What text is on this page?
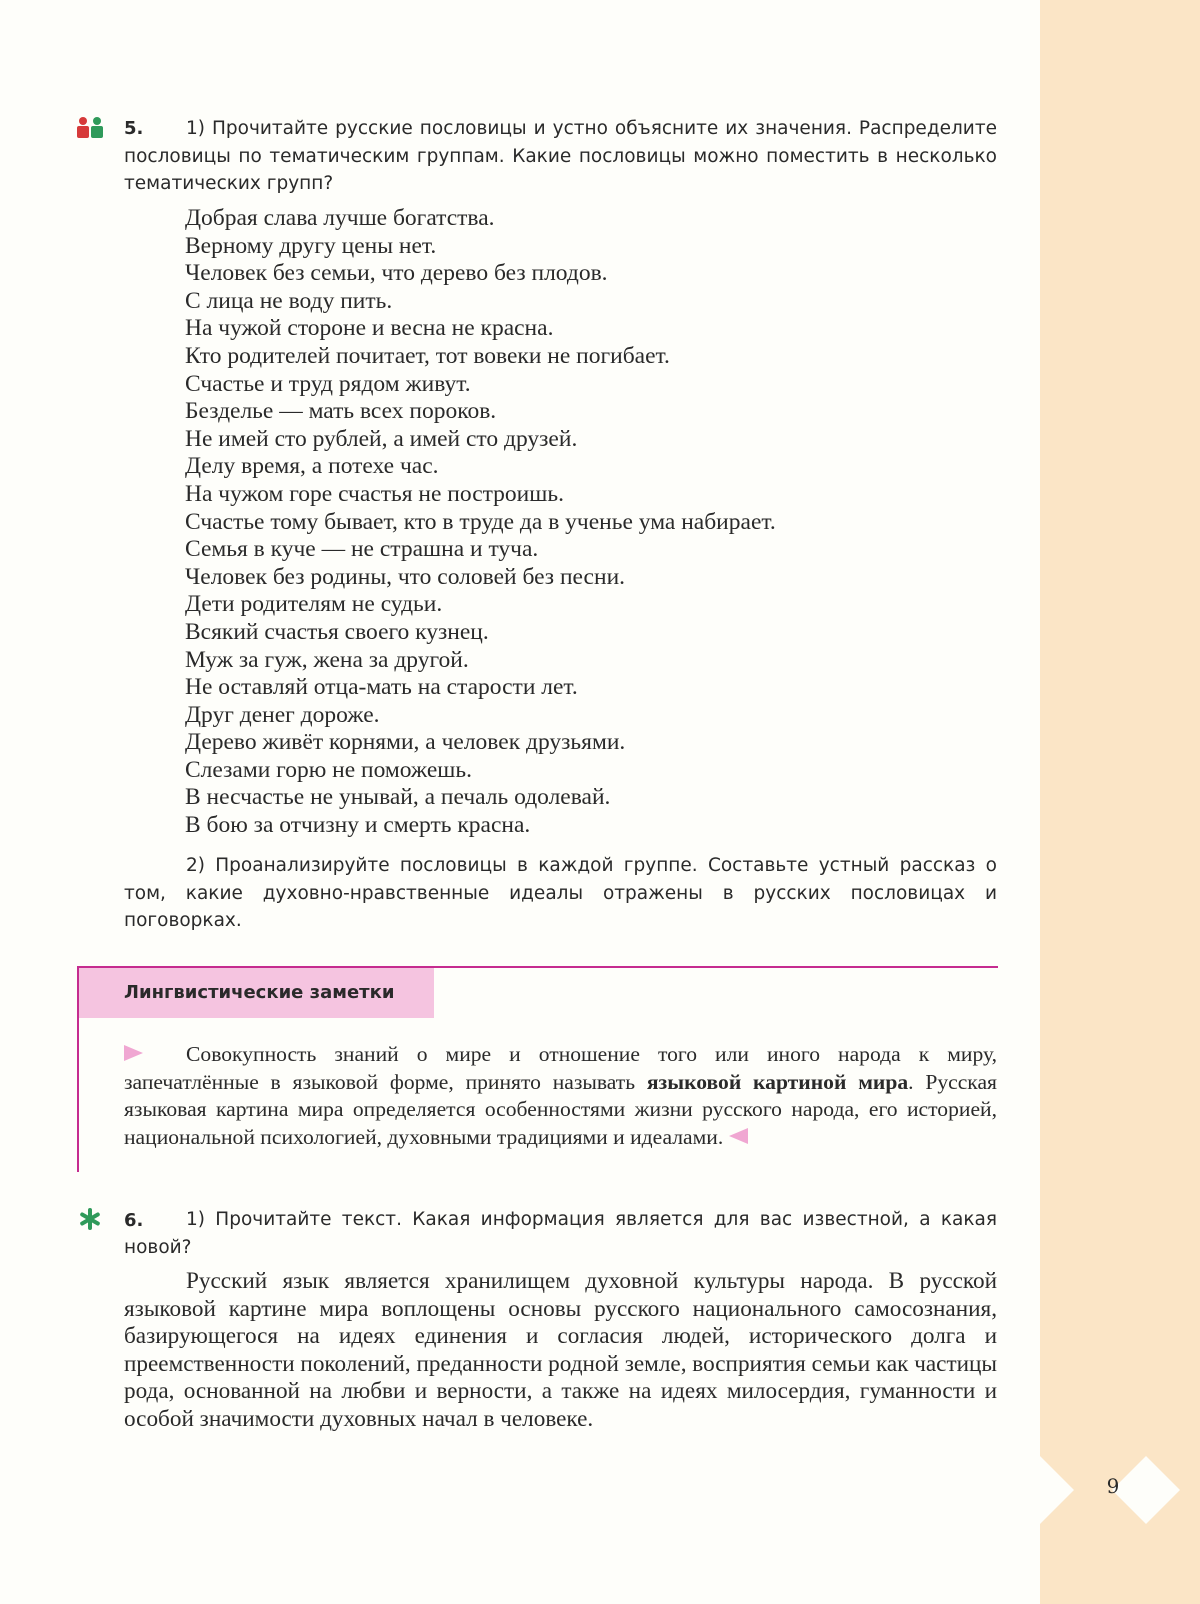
9
5.	1) Прочитайте русские пословицы и устно объясните их значения. Распределите пословицы по тематическим группам. Какие пословицы можно поместить в несколько тематических групп?

Добрая слава лучше богатства.
Верному другу цены нет.
Человек без семьи, что дерево без плодов.
С лица не воду пить.
На чужой стороне и весна не красна.
Кто родителей почитает, тот вовеки не погибает.
Счастье и труд рядом живут.
Безделье — мать всех пороков.
Не имей сто рублей, а имей сто друзей.
Делу время, а потехе час.
На чужом горе счастья не построишь.
Счастье тому бывает, кто в труде да в ученье ума набирает.
Семья в куче — не страшна и туча.
Человек без родины, что соловей без песни.
Дети родителям не судьи.
Всякий счастья своего кузнец.
Муж за гуж, жена за другой.
Не оставляй отца-мать на старости лет.
Друг денег дороже.
Дерево живёт корнями, а человек друзьями.
Слезами горю не поможешь.
В несчастье не унывай, а печаль одолевай.
В бою за отчизну и смерть красна.

2) Проанализируйте пословицы в каждой группе. Составьте устный рассказ о том, какие духовно-нравственные идеалы отражены в русских пословицах и поговорках.

Лингвистические заметки

Совокупность знаний о мире и отношение того или иного народа к миру, запечатлённые в языковой форме, принято называть языковой картиной мира. Русская языковая картина мира определяется особенностями жизни русского народа, его историей, национальной психологией, духовными традициями и идеалами.

6.	1) Прочитайте текст. Какая информация является для вас известной, а какая новой?

Русский язык является хранилищем духовной культуры народа. В русской языковой картине мира воплощены основы русского национального самосознания, базирующегося на идеях единения и согласия людей, исторического долга и преемственности поколений, преданности родной земле, восприятия семьи как частицы рода, основанной на любви и верности, а также на идеях милосердия, гуманности и особой значимости духовных начал в человеке.
